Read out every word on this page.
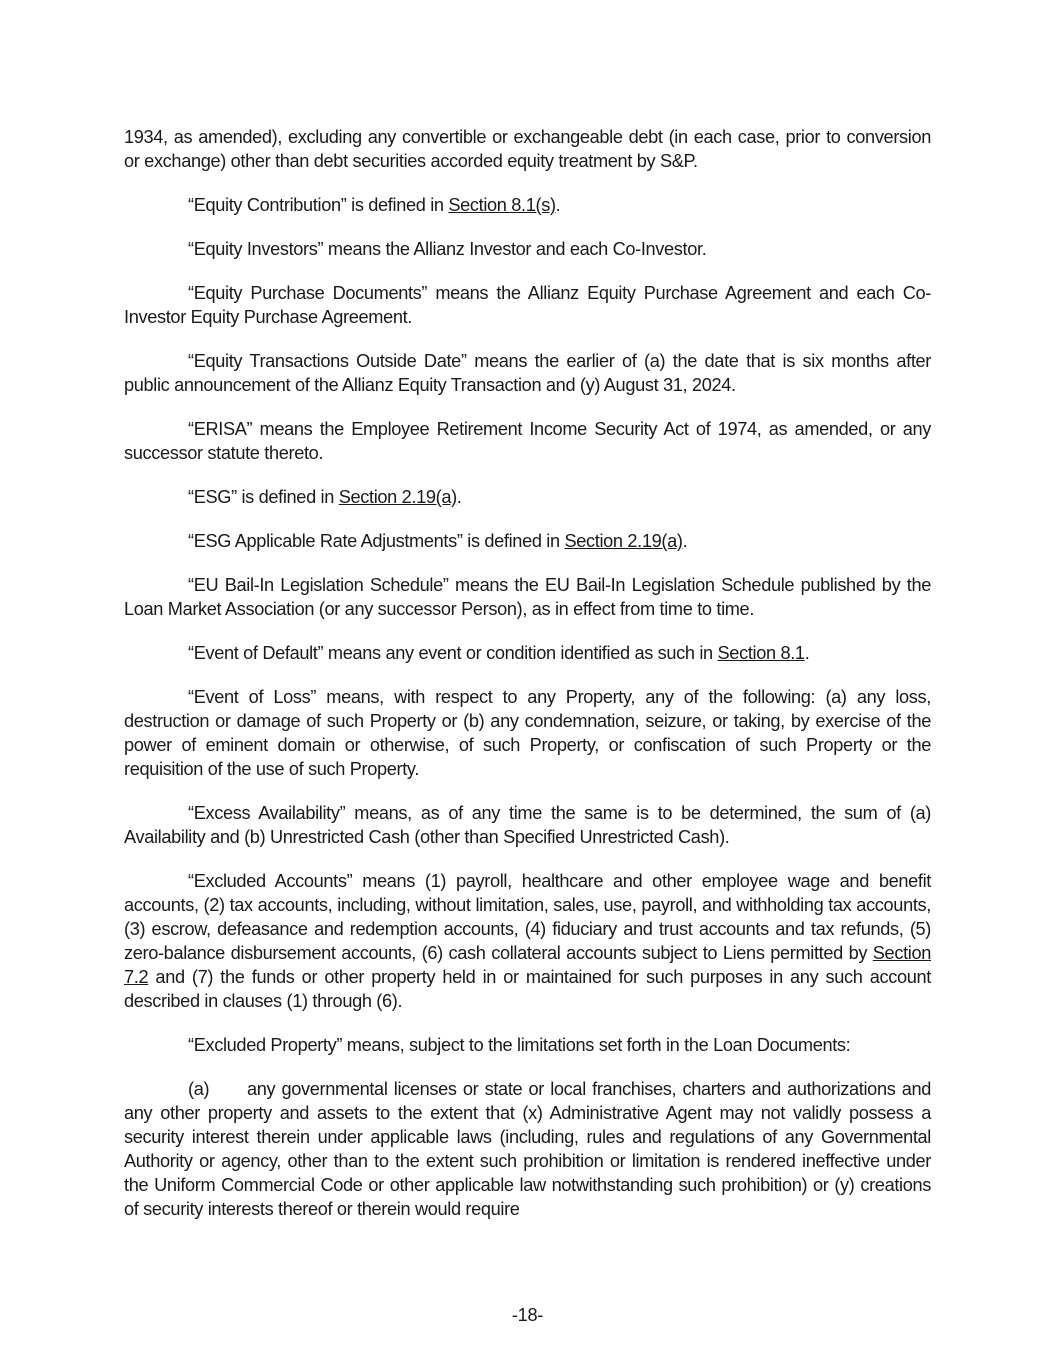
1934, as amended), excluding any convertible or exchangeable debt (in each case, prior to conversion or exchange) other than debt securities accorded equity treatment by S&P.

“Equity Contribution” is defined in Section 8.1(s).

“Equity Investors” means the Allianz Investor and each Co-Investor.

“Equity Purchase Documents” means the Allianz Equity Purchase Agreement and each Co-Investor Equity Purchase Agreement.

“Equity Transactions Outside Date” means the earlier of (a) the date that is six months after public announcement of the Allianz Equity Transaction and (y) August 31, 2024.

“ERISA” means the Employee Retirement Income Security Act of 1974, as amended, or any successor statute thereto.

“ESG” is defined in Section 2.19(a).

“ESG Applicable Rate Adjustments” is defined in Section 2.19(a).

“EU Bail-In Legislation Schedule” means the EU Bail-In Legislation Schedule published by the Loan Market Association (or any successor Person), as in effect from time to time.

“Event of Default” means any event or condition identified as such in Section 8.1.

“Event of Loss” means, with respect to any Property, any of the following: (a) any loss, destruction or damage of such Property or (b) any condemnation, seizure, or taking, by exercise of the power of eminent domain or otherwise, of such Property, or confiscation of such Property or the requisition of the use of such Property.

“Excess Availability” means, as of any time the same is to be determined, the sum of (a) Availability and (b) Unrestricted Cash (other than Specified Unrestricted Cash).

“Excluded Accounts” means (1) payroll, healthcare and other employee wage and benefit accounts, (2) tax accounts, including, without limitation, sales, use, payroll, and withholding tax accounts, (3) escrow, defeasance and redemption accounts, (4) fiduciary and trust accounts and tax refunds, (5) zero-balance disbursement accounts, (6) cash collateral accounts subject to Liens permitted by Section 7.2 and (7) the funds or other property held in or maintained for such purposes in any such account described in clauses (1) through (6).

“Excluded Property” means, subject to the limitations set forth in the Loan Documents:

(a) any governmental licenses or state or local franchises, charters and authorizations and any other property and assets to the extent that (x) Administrative Agent may not validly possess a security interest therein under applicable laws (including, rules and regulations of any Governmental Authority or agency, other than to the extent such prohibition or limitation is rendered ineffective under the Uniform Commercial Code or other applicable law notwithstanding such prohibition) or (y) creations of security interests thereof or therein would require

-18-
